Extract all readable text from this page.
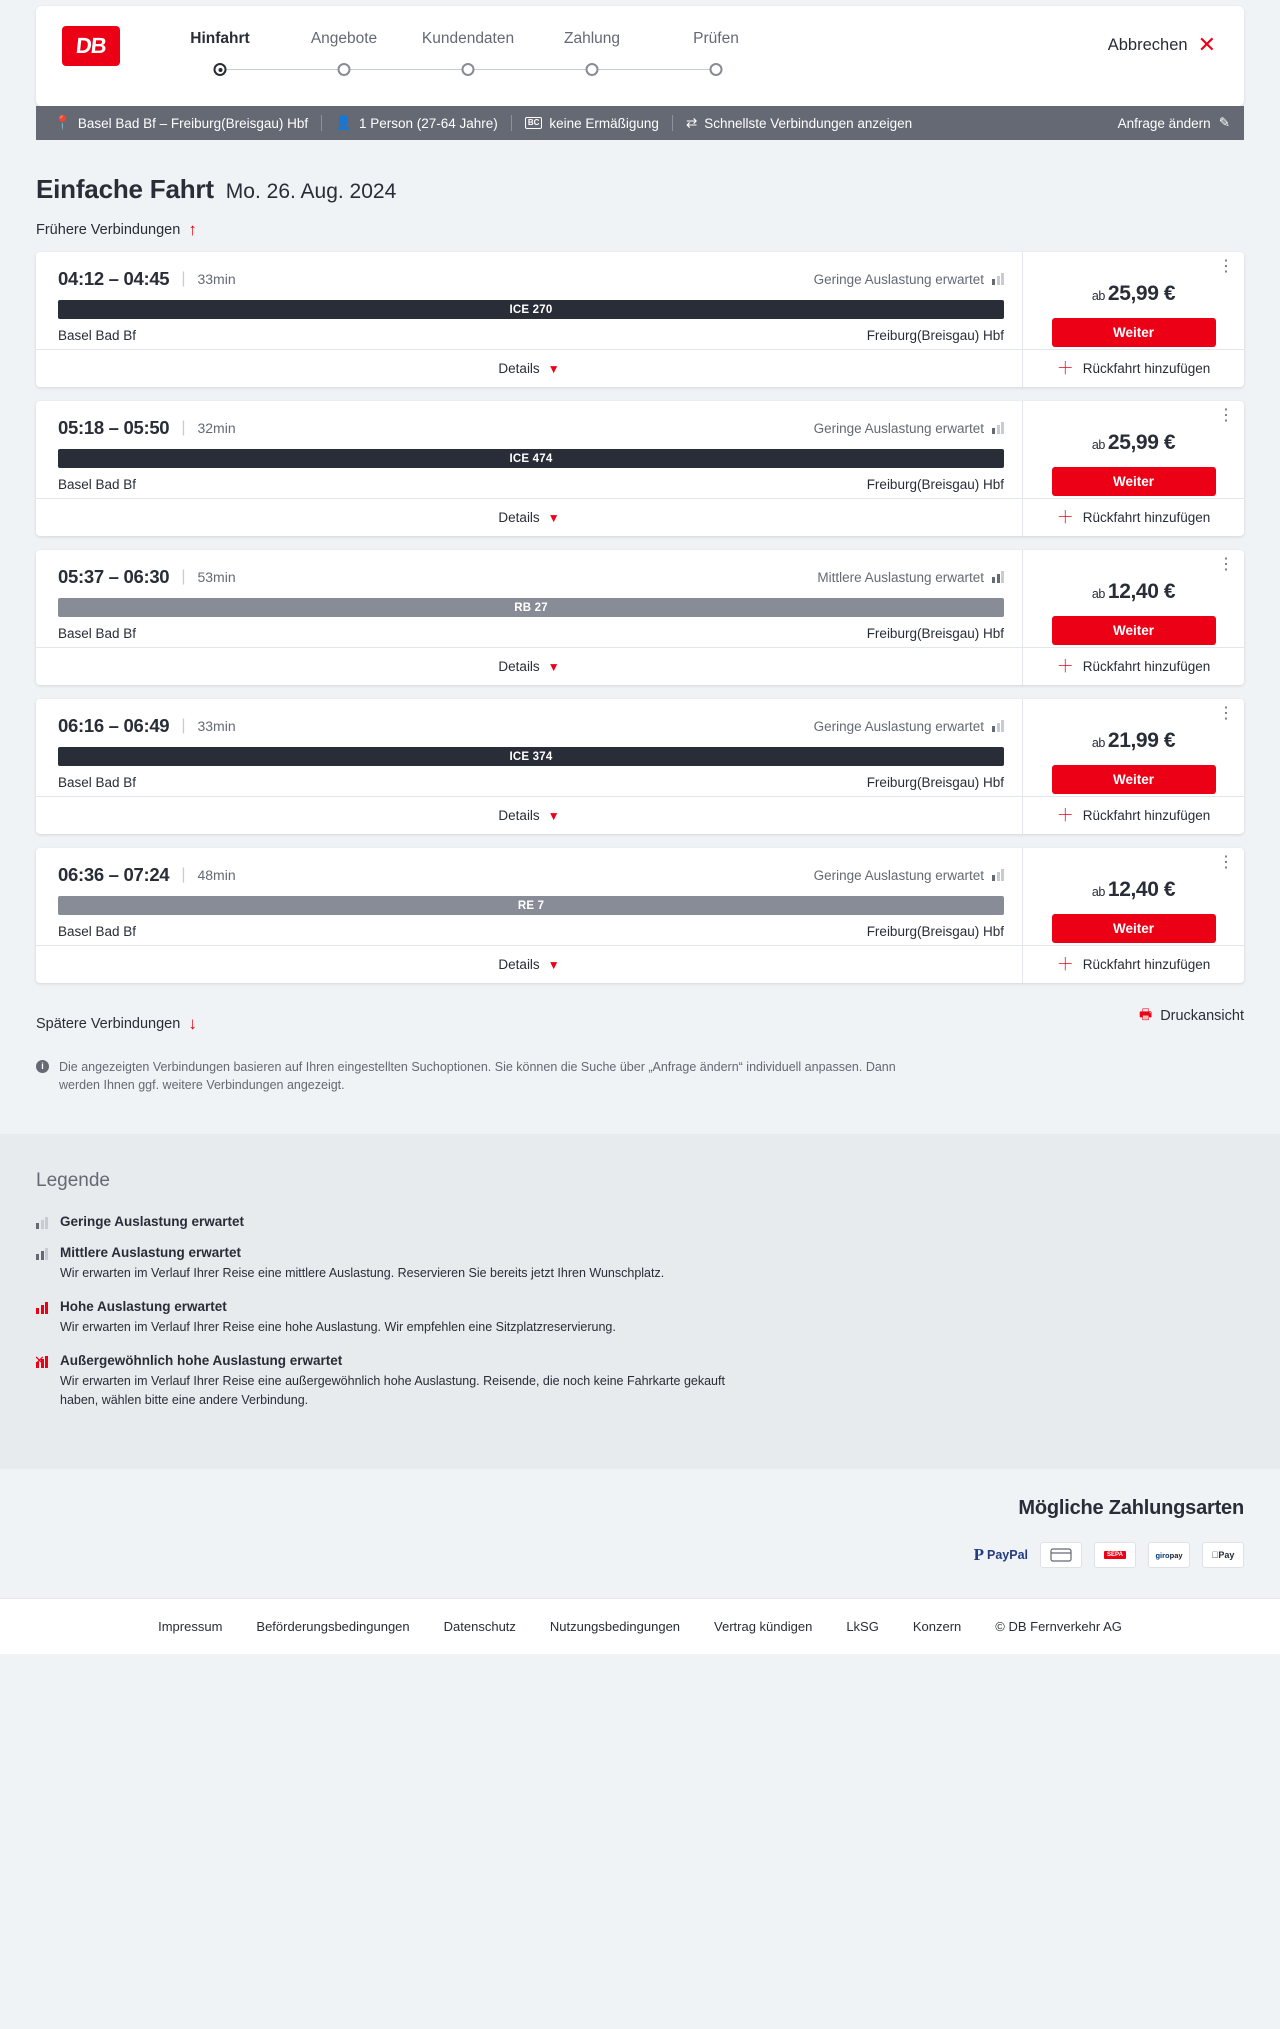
DB	Hinfahrt	Angebote	Kundendaten	Zahlung	Prüfen	Abbrechen ✕
📍 Basel Bad Bf – Freiburg(Breisgau) Hbf 👤 1 Person (27-64 Jahre)	BC keine Ermäßigung ⇄ Schnellste Verbindungen anzeigen	Anfrage ändern ✎
Einfache Fahrt Mo. 26. Aug. 2024
Frühere Verbindungen ↑
04:12 – 04:45 | 33min	Geringe Auslastung erwartet
ICE 270
Basel Bad Bf	Freiburg(Breisgau) Hbf
Details ▼
⋮
ab 25,99 €
Weiter
＋ Rückfahrt hinzufügen
05:18 – 05:50 | 32min	Geringe Auslastung erwartet
ICE 474
Basel Bad Bf	Freiburg(Breisgau) Hbf
Details ▼
⋮
ab 25,99 €
Weiter
＋ Rückfahrt hinzufügen
05:37 – 06:30 | 53min	Mittlere Auslastung erwartet
RB 27
Basel Bad Bf	Freiburg(Breisgau) Hbf
Details ▼
⋮
ab 12,40 €
Weiter
＋ Rückfahrt hinzufügen
06:16 – 06:49 | 33min	Geringe Auslastung erwartet
ICE 374
Basel Bad Bf	Freiburg(Breisgau) Hbf
Details ▼
⋮
ab 21,99 €
Weiter
＋ Rückfahrt hinzufügen
06:36 – 07:24 | 48min	Geringe Auslastung erwartet
RE 7
Basel Bad Bf	Freiburg(Breisgau) Hbf
Details ▼
⋮
ab 12,40 €
Weiter
＋ Rückfahrt hinzufügen
Spätere Verbindungen ↓
🖶 Druckansicht
i	Die angezeigten Verbindungen basieren auf Ihren eingestellten Suchoptionen. Sie können die Suche über „Anfrage ändern“ individuell anpassen. Dann werden Ihnen ggf. weitere Verbindungen angezeigt.
Legende
Geringe Auslastung erwartet
Mittlere Auslastung erwartet

Wir erwarten im Verlauf Ihrer Reise eine mittlere Auslastung. Reservieren Sie bereits jetzt Ihren Wunschplatz.

Hohe Auslastung erwartet

Wir erwarten im Verlauf Ihrer Reise eine hohe Auslastung. Wir empfehlen eine Sitzplatzreservierung.

✕ Außergewöhnlich hohe Auslastung erwartet

Wir erwarten im Verlauf Ihrer Reise eine außergewöhnlich hohe Auslastung. Reisende, die noch keine Fahrkarte gekauft haben, wählen bitte eine andere Verbindung.

Mögliche Zahlungsarten
P PayPal	SEPA	giropay	Pay
Impressum	Beförderungsbedingungen	Datenschutz	Nutzungsbedingungen	Vertrag kündigen	LkSG	Konzern	© DB Fernverkehr AG
